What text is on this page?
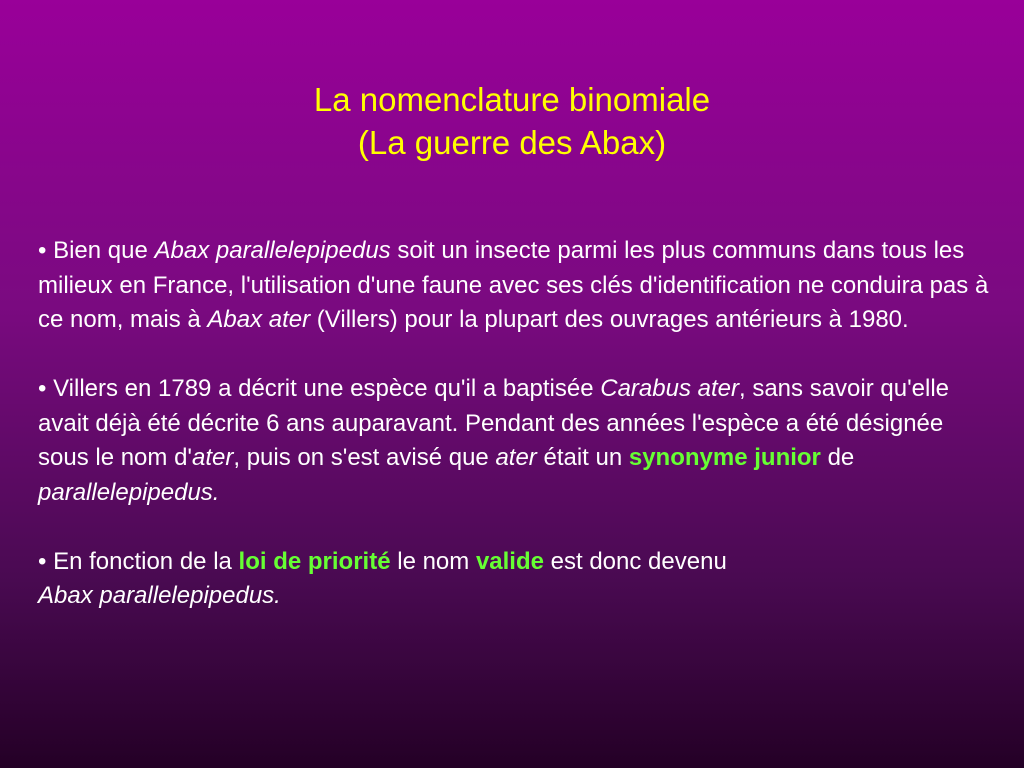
La nomenclature binomiale
(La guerre des Abax)

• Bien que Abax parallelepipedus soit un insecte parmi les plus communs dans tous les milieux en France, l'utilisation d'une faune avec ses clés d'identification ne conduira pas à ce nom, mais à Abax ater (Villers) pour la plupart des ouvrages antérieurs à 1980.

• Villers en 1789 a décrit une espèce qu'il a baptisée Carabus ater, sans savoir qu'elle avait déjà été décrite 6 ans auparavant. Pendant des années l'espèce a été désignée sous le nom d'ater, puis on s'est avisé que ater était un synonyme junior de parallelepipedus.

• En fonction de la loi de priorité le nom valide est donc devenu
Abax parallelepipedus.
